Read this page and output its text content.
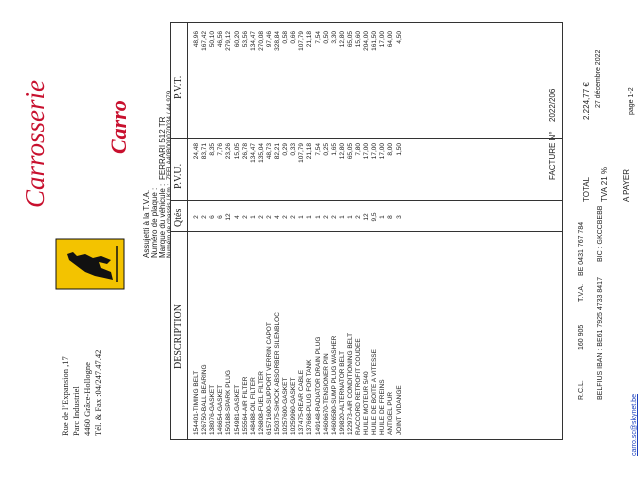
Carrosserie	Carro
Rue de l’Expansion ,17 Parc Industriel 4460 Grâce-Hollogne Tél. & Fax :04/247.47.42
FACTURE N°
2022/206	27 décembre 2022	page 1-2
Assujetti à la T.V.A. Numéro de plaque : Marque du véhicule :
FERRARI 512 TR
Numéro de chassis / Km :
ZFFLA40B000070034 / 44.979
DESCRIPTION
Qtés
P.V.U.
P.V.T.
154401-TIMING BELT
2
24,48
48,96
126750-BALL BEARING
2
83,71
167,42
138076-GASKET
6
8,35
50,10
146654-GASKET
6
7,76
46,56
150188-SPARK PLUG
12
23,26
279,12
154981-GASKET
4
15,05
60,20
155564-AIR FILTER
2
26,78
53,56
148488-OIL FILTER
1
134,47
134,47
126808-FUEL FILTER
2
135,04
270,08
61571600-SUPPORT VERRIN CAPOT
2
48,73
97,46
150375-SHOCK ABSORBER SILENBLOC
4
82,21
328,84
10257600-GASKET
2
0,29
0,58
10259960-GASKET
2
0,33
0,66
137475-REAR CABLE
1
107,79
107,79
137668-PLUG FOR TANK
1
21,18
21,18
149148-RADIATOR DRAIN PLUG
1
7,54
7,54
14606670-TENSIONER PIN
2
0,25
0,50
14606580-SUMP PLUG WASHER
2
1,65
3,30
199820-ALTERNATOR BELT
1
12,80
12,80
122973-AIR CONDITIONING BELT
1
65,05
65,05
RACCORD RETROFIT COUDEE
2
7,80
15,60
HUILE MOTEUR 5/40
12
17,00
204,00
HUILE DE BOITE A VITESSE
9,5
17,00
161,50
HUILE DE FREINS
1
17,00
17,00
ANTIGEL PUR
8
8,00
64,00
JOINT VIDANGE
3
1,50
4,50
TOTAL
2.224,77 €
TVA 21 % A PAYER
R.C.L.
160 905
T.V.A.
BE 0431 767 784
BELFIUS IBAN : BE61 7925 4733 8417
BIC : GKCCBEBB
carro.sc@skynet.be
